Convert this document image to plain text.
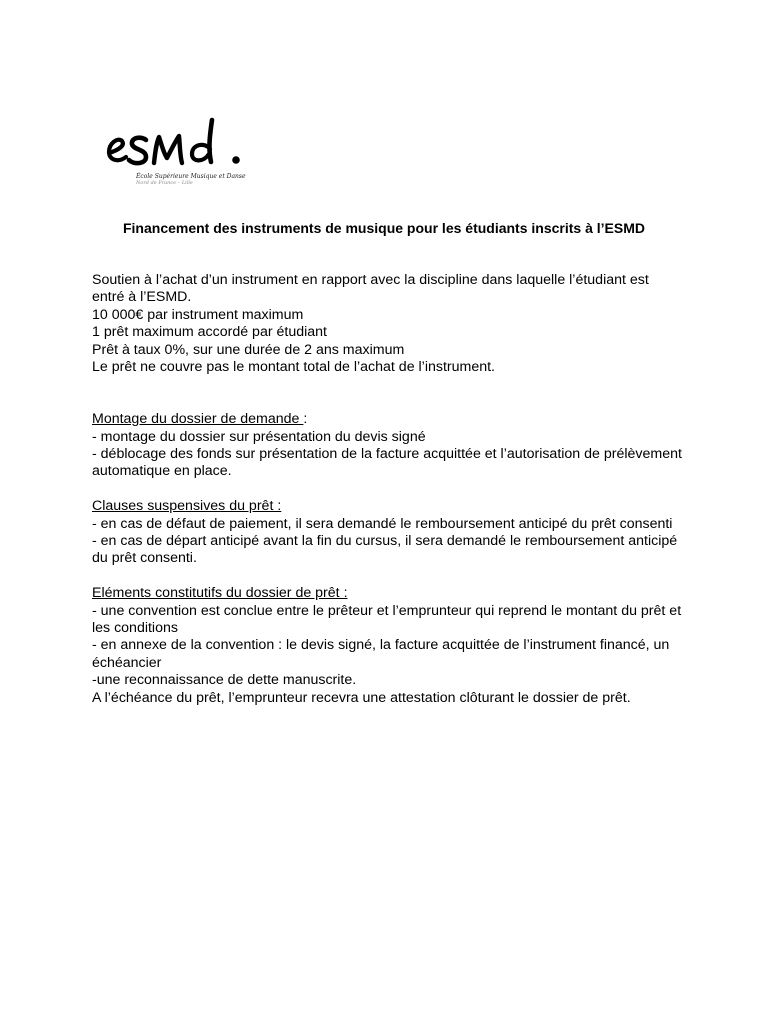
École Supérieure Musique et Danse
Nord de France – Lille
Financement des instruments de musique pour les étudiants inscrits à l’ESMD

Soutien à l’achat d’un instrument en rapport avec la discipline dans laquelle l’étudiant est entré à l’ESMD.

10 000€ par instrument maximum

1 prêt maximum accordé par étudiant

Prêt à taux 0%, sur une durée de 2 ans maximum

Le prêt ne couvre pas le montant total de l’achat de l’instrument.

Montage du dossier de demande :

- montage du dossier sur présentation du devis signé

- déblocage des fonds sur présentation de la facture acquittée et l’autorisation de prélèvement automatique en place.

Clauses suspensives du prêt :

- en cas de défaut de paiement, il sera demandé le remboursement anticipé du prêt consenti

- en cas de départ anticipé avant la fin du cursus, il sera demandé le remboursement anticipé du prêt consenti.

Eléments constitutifs du dossier de prêt :

- une convention est conclue entre le prêteur et l’emprunteur qui reprend le montant du prêt et les conditions

- en annexe de la convention : le devis signé, la facture acquittée de l’instrument financé, un échéancier

-une reconnaissance de dette manuscrite.

A l’échéance du prêt, l’emprunteur recevra une attestation clôturant le dossier de prêt.
